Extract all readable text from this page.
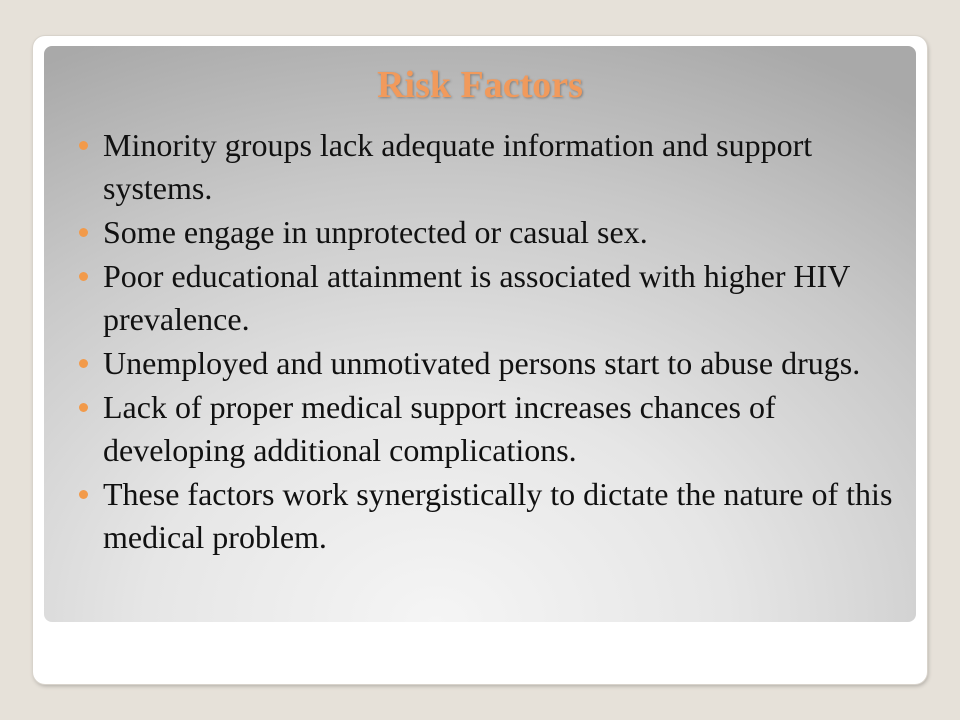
Risk Factors
Minority groups lack adequate information and support systems.
Some engage in unprotected or casual sex.
Poor educational attainment is associated with higher HIV prevalence.
Unemployed and unmotivated persons start to abuse drugs.
Lack of proper medical support increases chances of developing additional complications.
These factors work synergistically to dictate the nature of this medical problem.
